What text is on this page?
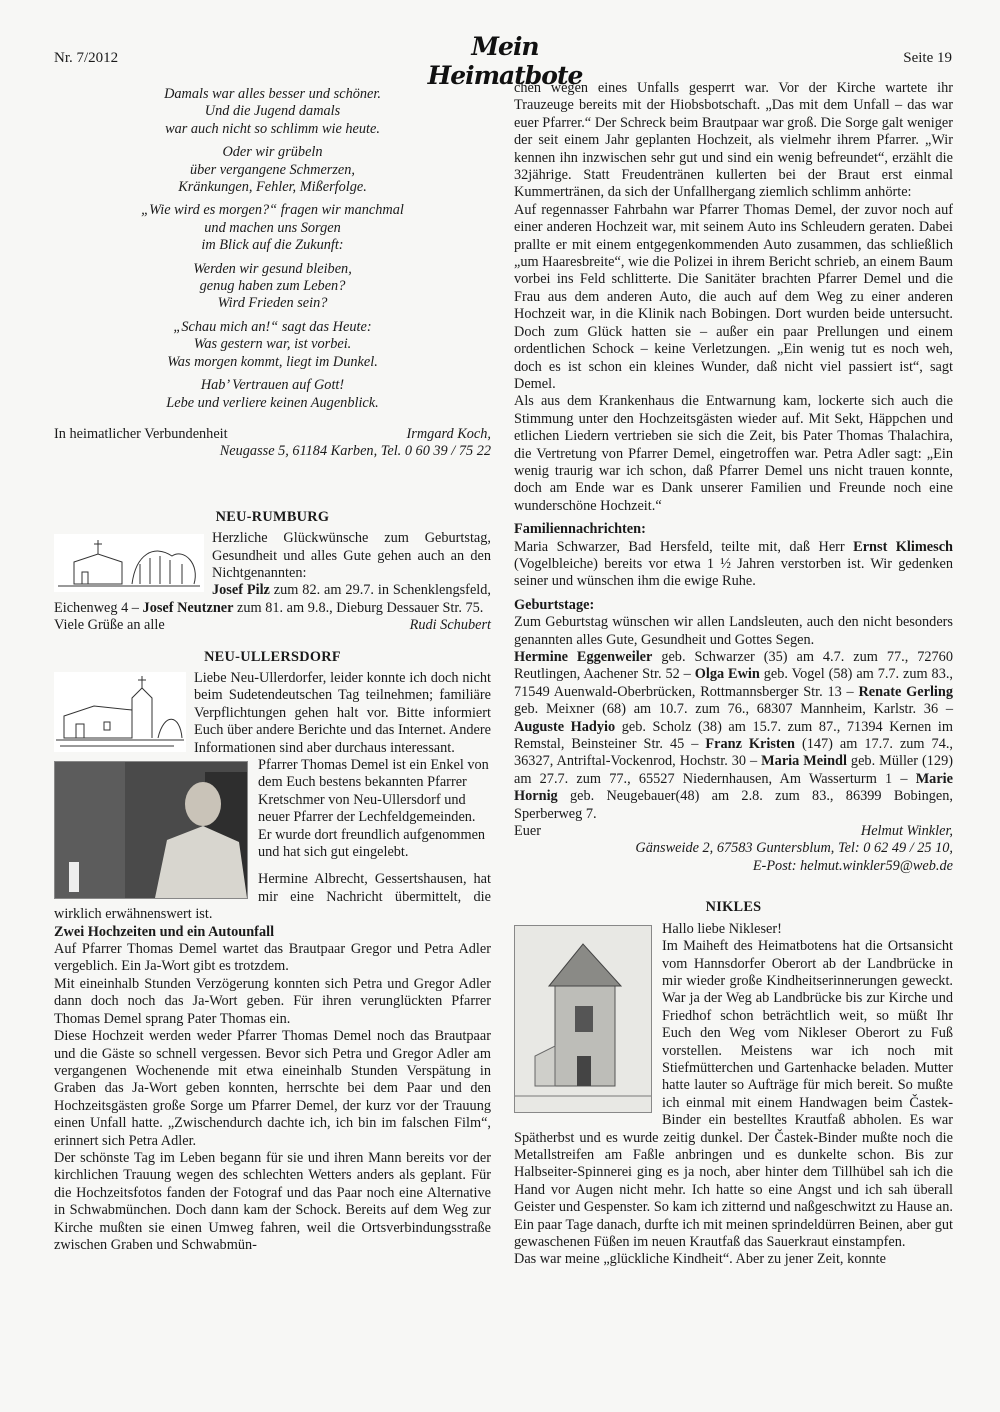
Nr. 7/2012	Mein Heimatbote
Seite 19

Damals war alles besser und schöner.
Und die Jugend damals
war auch nicht so schlimm wie heute.

Oder wir grübeln
über vergangene Schmerzen,
Kränkungen, Fehler, Mißerfolge.

„Wie wird es morgen?“ fragen wir manchmal
und machen uns Sorgen
im Blick auf die Zukunft:

Werden wir gesund bleiben,
genug haben zum Leben?
Wird Frieden sein?

„Schau mich an!“ sagt das Heute:
Was gestern war, ist vorbei.
Was morgen kommt, liegt im Dunkel.

Hab’ Vertrauen auf Gott!
Lebe und verliere keinen Augenblick.

In heimatlicher Verbundenheit	Irmgard Koch,

Neugasse 5, 61184 Karben, Tel. 0 60 39 / 75 22

NEU-RUMBURG

Herzliche Glückwünsche zum Geburtstag, Gesundheit und alles Gute gehen auch an den Nichtgenannten:

Josef Pilz zum 82. am 29.7. in Schenklengsfeld, Eichenweg 4 – Josef Neutzner zum 81. am 9.8., Dieburg Dessauer Str. 75.

Viele Grüße an alle	Rudi Schubert

NEU-ULLERSDORF

Liebe Neu-Ullerdorfer, leider konnte ich doch nicht beim Sudetendeutschen Tag teilnehmen; familiäre Verpflichtungen gehen halt vor. Bitte informiert Euch über andere Berichte und das Internet. Andere Informationen sind aber durchaus interessant.

Pfarrer Thomas Demel ist ein Enkel von dem Euch bestens bekannten Pfarrer Kretschmer von Neu-Ullersdorf und neuer Pfarrer der Lechfeldgemeinden. Er wurde dort freundlich aufgenommen und hat sich gut eingelebt.

Hermine Albrecht, Gessertshausen, hat mir eine Nachricht übermittelt, die wirklich erwähnenswert ist.

Zwei Hochzeiten und ein Autounfall

Auf Pfarrer Thomas Demel wartet das Brautpaar Gregor und Petra Adler vergeblich. Ein Ja-Wort gibt es trotzdem.

Mit eineinhalb Stunden Verzögerung konnten sich Petra und Gregor Adler dann doch noch das Ja-Wort geben. Für ihren verunglückten Pfarrer Thomas Demel sprang Pater Thomas ein.

Diese Hochzeit werden weder Pfarrer Thomas Demel noch das Brautpaar und die Gäste so schnell vergessen. Bevor sich Petra und Gregor Adler am vergangenen Wochenende mit etwa eineinhalb Stunden Verspätung in Graben das Ja-Wort geben konnten, herrschte bei dem Paar und den Hochzeitsgästen große Sorge um Pfarrer Demel, der kurz vor der Trauung einen Unfall hatte. „Zwischendurch dachte ich, ich bin im falschen Film“, erinnert sich Petra Adler.

Der schönste Tag im Leben begann für sie und ihren Mann bereits vor der kirchlichen Trauung wegen des schlechten Wetters anders als geplant. Für die Hochzeitsfotos fanden der Fotograf und das Paar noch eine Alternative in Schwabmünchen. Doch dann kam der Schock. Bereits auf dem Weg zur Kirche mußten sie einen Umweg fahren, weil die Ortsverbindungsstraße zwischen Graben und Schwabmün-

chen wegen eines Unfalls gesperrt war. Vor der Kirche wartete ihr Trauzeuge bereits mit der Hiobsbotschaft. „Das mit dem Unfall – das war euer Pfarrer.“ Der Schreck beim Brautpaar war groß. Die Sorge galt weniger der seit einem Jahr geplanten Hochzeit, als vielmehr ihrem Pfarrer. „Wir kennen ihn inzwischen sehr gut und sind ein wenig befreundet“, erzählt die 32jährige. Statt Freudentränen kullerten bei der Braut erst einmal Kummertränen, da sich der Unfallhergang ziemlich schlimm anhörte:

Auf regennasser Fahrbahn war Pfarrer Thomas Demel, der zuvor noch auf einer anderen Hochzeit war, mit seinem Auto ins Schleudern geraten. Dabei prallte er mit einem entgegenkommenden Auto zusammen, das schließlich „um Haaresbreite“, wie die Polizei in ihrem Bericht schrieb, an einem Baum vorbei ins Feld schlitterte. Die Sanitäter brachten Pfarrer Demel und die Frau aus dem anderen Auto, die auch auf dem Weg zu einer anderen Hochzeit war, in die Klinik nach Bobingen. Dort wurden beide untersucht. Doch zum Glück hatten sie – außer ein paar Prellungen und einem ordentlichen Schock – keine Verletzungen. „Ein wenig tut es noch weh, doch es ist schon ein kleines Wunder, daß nicht viel passiert ist“, sagt Demel.

Als aus dem Krankenhaus die Entwarnung kam, lockerte sich auch die Stimmung unter den Hochzeitsgästen wieder auf. Mit Sekt, Häppchen und etlichen Liedern vertrieben sie sich die Zeit, bis Pater Thomas Thalachira, die Vertretung von Pfarrer Demel, eingetroffen war. Petra Adler sagt: „Ein wenig traurig war ich schon, daß Pfarrer Demel uns nicht trauen konnte, doch am Ende war es Dank unserer Familien und Freunde noch eine wunderschöne Hochzeit.“

Familiennachrichten:

Maria Schwarzer, Bad Hersfeld, teilte mit, daß Herr Ernst Klimesch (Vogelbleiche) bereits vor etwa 1 ½ Jahren verstorben ist. Wir gedenken seiner und wünschen ihm die ewige Ruhe.

Geburtstage:

Zum Geburtstag wünschen wir allen Landsleuten, auch den nicht besonders genannten alles Gute, Gesundheit und Gottes Segen.

Hermine Eggenweiler geb. Schwarzer (35) am 4.7. zum 77., 72760 Reutlingen, Aachener Str. 52 – Olga Ewin geb. Vogel (58) am 7.7. zum 83., 71549 Auenwald-Oberbrücken, Rottmannsberger Str. 13 – Renate Gerling geb. Meixner (68) am 10.7. zum 76., 68307 Mannheim, Karlstr. 36 – Auguste Hadyio geb. Scholz (38) am 15.7. zum 87., 71394 Kernen im Remstal, Beinsteiner Str. 45 – Franz Kristen (147) am 17.7. zum 74., 36327, Antriftal-Vockenrod, Hochstr. 30 – Maria Meindl geb. Müller (129) am 27.7. zum 77., 65527 Niedernhausen, Am Wasserturm 1 – Marie Hornig geb. Neugebauer(48) am 2.8. zum 83., 86399 Bobingen, Sperberweg 7.

Euer	Helmut Winkler,

Gänsweide 2, 67583 Guntersblum, Tel: 0 62 49 / 25 10,

E-Post: helmut.winkler59@web.de

NIKLES

Hallo liebe Nikleser!

Im Maiheft des Heimatbotens hat die Ortsansicht vom Hannsdorfer Oberort ab der Landbrücke in mir wieder große Kindheitserinnerungen geweckt. War ja der Weg ab Landbrücke bis zur Kirche und Friedhof schon beträchtlich weit, so müßt Ihr Euch den Weg vom Nikleser Oberort zu Fuß vorstellen. Meistens war ich noch mit Stiefmütterchen und Gartenhacke beladen. Mutter hatte lauter so Aufträge für mich bereit. So mußte ich einmal mit einem Handwagen beim Častek-Binder ein bestelltes Krautfaß abholen. Es war Spätherbst und es wurde zeitig dunkel. Der Častek-Binder mußte noch die Metallstreifen am Faßle anbringen und es dunkelte schon. Bis zur Halbseiter-Spinnerei ging es ja noch, aber hinter dem Tillhübel sah ich die Hand vor Augen nicht mehr. Ich hatte so eine Angst und ich sah überall Geister und Gespenster. So kam ich zitternd und naßgeschwitzt zu Hause an. Ein paar Tage danach, durfte ich mit meinen sprindeldürren Beinen, aber gut gewaschenen Füßen im neuen Krautfaß das Sauerkraut einstampfen.

Das war meine „glückliche Kindheit“. Aber zu jener Zeit, konnte
